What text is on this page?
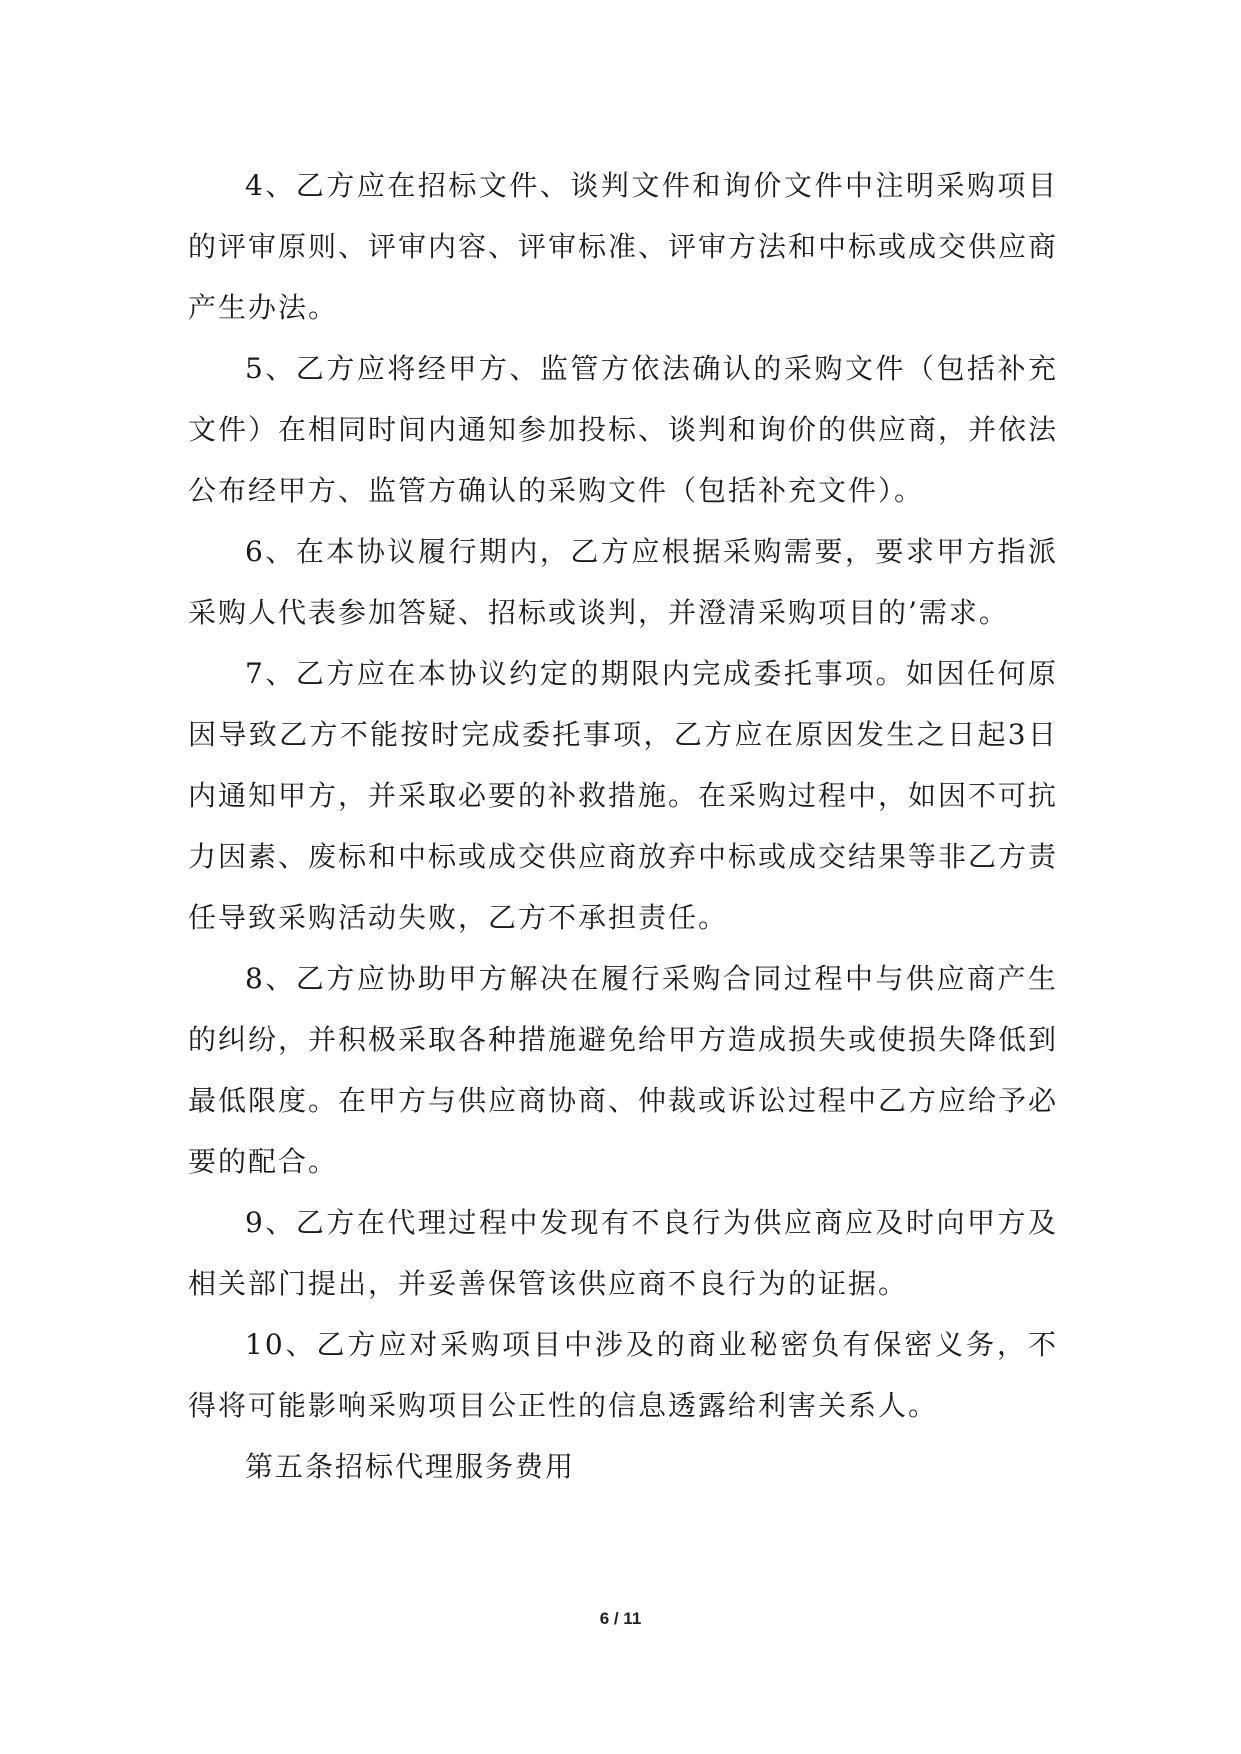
4、乙方应在招标文件、谈判文件和询价文件中注明采购项目的评审原则、评审内容、评审标准、评审方法和中标或成交供应商产生办法。

5、乙方应将经甲方、监管方依法确认的采购文件（包括补充文件）在相同时间内通知参加投标、谈判和询价的供应商，并依法公布经甲方、监管方确认的采购文件（包括补充文件）。

6、在本协议履行期内，乙方应根据采购需要，要求甲方指派采购人代表参加答疑、招标或谈判，并澄清采购项目的’需求。

7、乙方应在本协议约定的期限内完成委托事项。如因任何原因导致乙方不能按时完成委托事项，乙方应在原因发生之日起3日内通知甲方，并采取必要的补救措施。在采购过程中，如因不可抗力因素、废标和中标或成交供应商放弃中标或成交结果等非乙方责任导致采购活动失败，乙方不承担责任。

8、乙方应协助甲方解决在履行采购合同过程中与供应商产生的纠纷，并积极采取各种措施避免给甲方造成损失或使损失降低到最低限度。在甲方与供应商协商、仲裁或诉讼过程中乙方应给予必要的配合。

9、乙方在代理过程中发现有不良行为供应商应及时向甲方及相关部门提出，并妥善保管该供应商不良行为的证据。

10、乙方应对采购项目中涉及的商业秘密负有保密义务，不得将可能影响采购项目公正性的信息透露给利害关系人。

第五条招标代理服务费用

6 / 11
